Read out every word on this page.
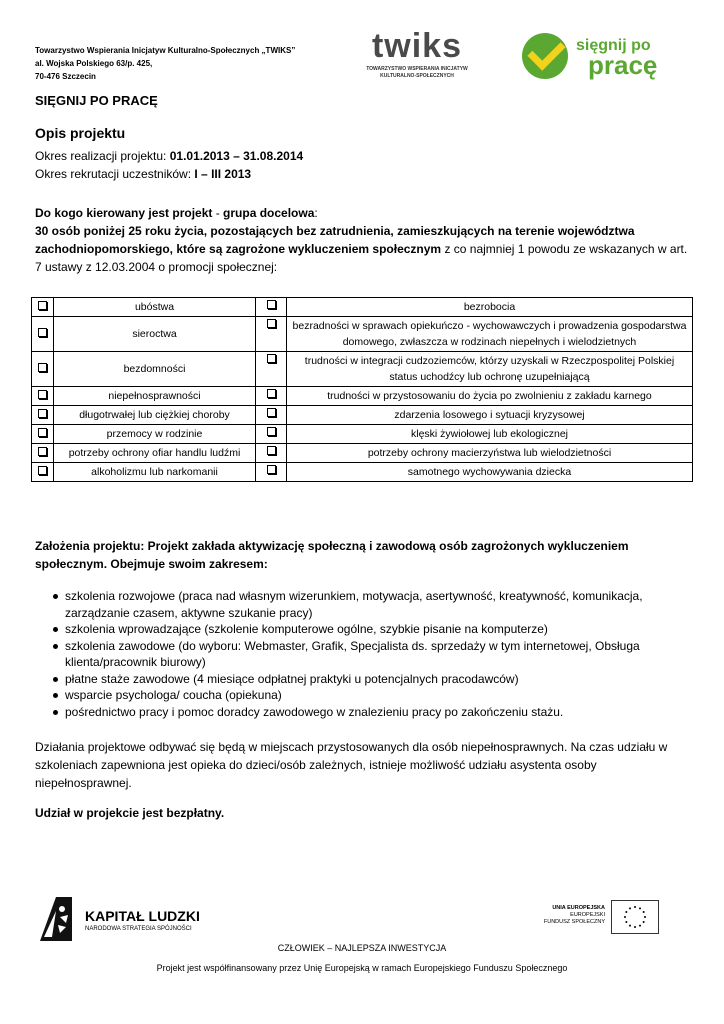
Towarzystwo Wspierania Inicjatyw Kulturalno-Społecznych „TWIKS”
al. Wojska Polskiego 63/p. 425,
70-476 Szczecin
twiks
TOWARZYSTWO WSPIERANIA INICJATYW
KULTURALNO-SPOŁECZNYCH
sięgnij po
pracę
SIĘGNIJ PO PRACĘ
Opis projektu
Okres realizacji projektu: 01.01.2013 – 31.08.2014
Okres rekrutacji uczestników: I – III 2013
Do kogo kierowany jest projekt - grupa docelowa:
30 osób poniżej 25 roku życia, pozostających bez zatrudnienia, zamieszkujących na terenie województwa zachodniopomorskiego, które są zagrożone wykluczeniem społecznym z co najmniej 1 powodu ze wskazanych w art. 7 ustawy z 12.03.2004 o promocji społecznej:
	ubóstwa		bezrobocia
	sieroctwa		bezradności w sprawach opiekuńczo - wychowawczych i prowadzenia gospodarstwa domowego, zwłaszcza w rodzinach niepełnych i wielodzietnych
	bezdomności		trudności w integracji cudzoziemców, którzy uzyskali w Rzeczpospolitej Polskiej status uchodźcy lub ochronę uzupełniającą
	niepełnosprawności		trudności w przystosowaniu do życia po zwolnieniu z zakładu karnego
	długotrwałej lub ciężkiej choroby		zdarzenia losowego i sytuacji kryzysowej
	przemocy w rodzinie		klęski żywiołowej lub ekologicznej
	potrzeby ochrony ofiar handlu ludźmi		potrzeby ochrony macierzyństwa lub wielodzietności
	alkoholizmu lub narkomanii		samotnego wychowywania dziecka
Założenia projektu: Projekt zakłada aktywizację społeczną i zawodową osób zagrożonych wykluczeniem społecznym. Obejmuje swoim zakresem:
szkolenia rozwojowe (praca nad własnym wizerunkiem, motywacja, asertywność, kreatywność, komunikacja, zarządzanie czasem, aktywne szukanie pracy)
szkolenia wprowadzające (szkolenie komputerowe ogólne, szybkie pisanie na komputerze)
szkolenia zawodowe (do wyboru: Webmaster, Grafik, Specjalista ds. sprzedaży w tym internetowej, Obsługa klienta/pracownik biurowy)
płatne staże zawodowe (4 miesiące odpłatnej praktyki u potencjalnych pracodawców)
wsparcie psychologa/ coucha (opiekuna)
pośrednictwo pracy i pomoc doradcy zawodowego w znalezieniu pracy po zakończeniu stażu.
Działania projektowe odbywać się będą w miejscach przystosowanych dla osób niepełnosprawnych. Na czas udziału w szkoleniach zapewniona jest opieka do dzieci/osób zależnych, istnieje możliwość udziału asystenta osoby niepełnosprawnej.
Udział w projekcie jest bezpłatny.
KAPITAŁ LUDZKI
NARODOWA STRATEGIA SPÓJNOŚCI
UNIA EUROPEJSKA
EUROPEJSKI
FUNDUSZ SPOŁECZNY
CZŁOWIEK – NAJLEPSZA INWESTYCJA
Projekt jest współfinansowany przez Unię Europejską w ramach Europejskiego Funduszu Społecznego
